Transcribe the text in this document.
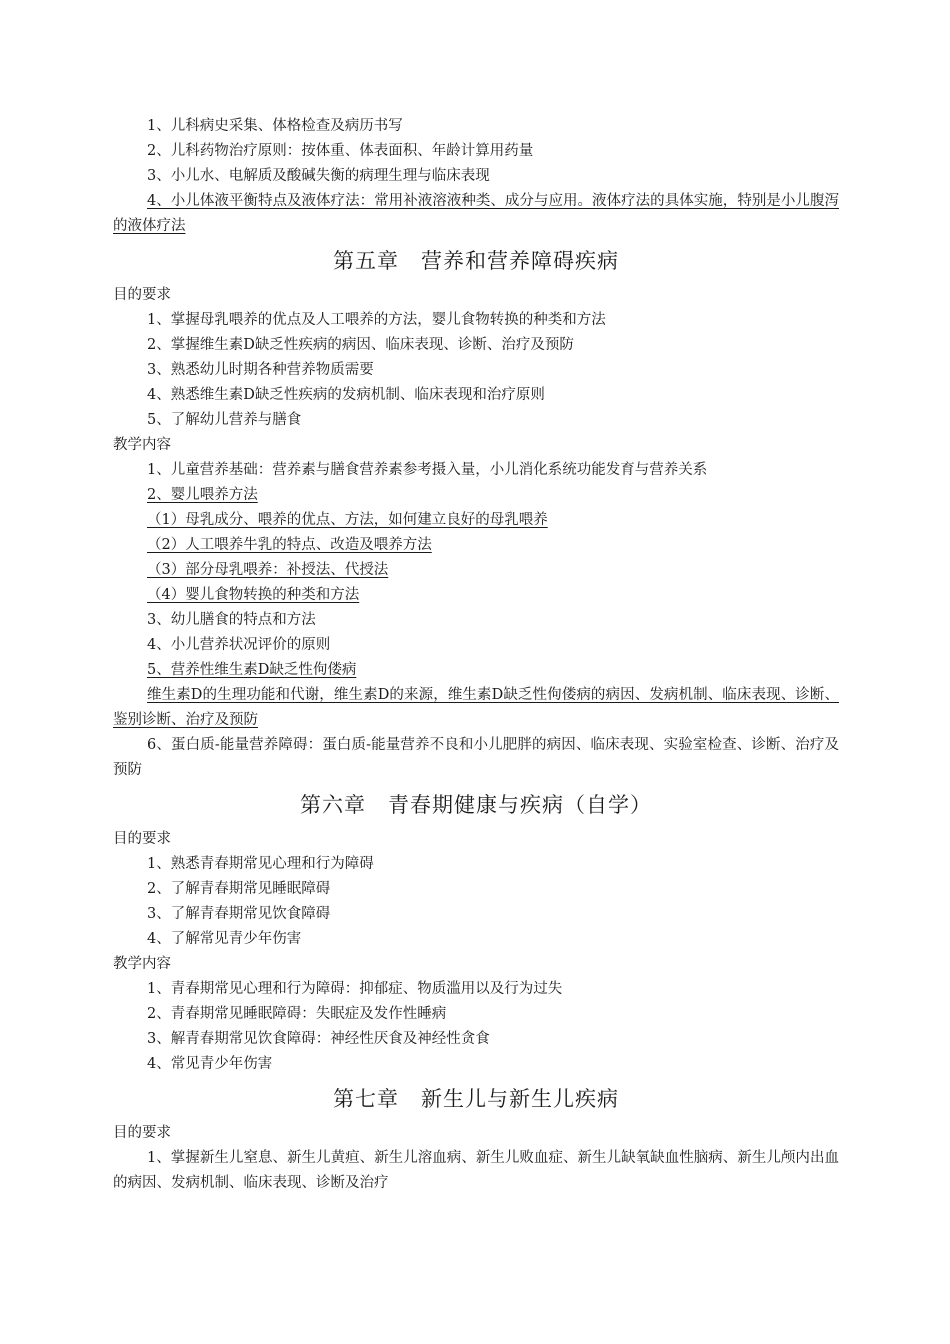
1、儿科病史采集、体格检查及病历书写
2、儿科药物治疗原则：按体重、体表面积、年龄计算用药量
3、小儿水、电解质及酸碱失衡的病理生理与临床表现
4、小儿体液平衡特点及液体疗法：常用补液溶液种类、成分与应用。液体疗法的具体实施，特别是小儿腹泻的液体疗法
第五章　营养和营养障碍疾病
目的要求
1、掌握母乳喂养的优点及人工喂养的方法，婴儿食物转换的种类和方法
2、掌握维生素D缺乏性疾病的病因、临床表现、诊断、治疗及预防
3、熟悉幼儿时期各种营养物质需要
4、熟悉维生素D缺乏性疾病的发病机制、临床表现和治疗原则
5、了解幼儿营养与膳食
教学内容
1、儿童营养基础：营养素与膳食营养素参考摄入量，小儿消化系统功能发育与营养关系
2、婴儿喂养方法
（1）母乳成分、喂养的优点、方法，如何建立良好的母乳喂养
（2）人工喂养牛乳的特点、改造及喂养方法
（3）部分母乳喂养：补授法、代授法
（4）婴儿食物转换的种类和方法
3、幼儿膳食的特点和方法
4、小儿营养状况评价的原则
5、营养性维生素D缺乏性佝偻病
维生素D的生理功能和代谢，维生素D的来源，维生素D缺乏性佝偻病的病因、发病机制、临床表现、诊断、鉴别诊断、治疗及预防
6、蛋白质-能量营养障碍：蛋白质-能量营养不良和小儿肥胖的病因、临床表现、实验室检查、诊断、治疗及预防
第六章　青春期健康与疾病（自学）
目的要求
1、熟悉青春期常见心理和行为障碍
2、了解青春期常见睡眠障碍
3、了解青春期常见饮食障碍
4、了解常见青少年伤害
教学内容
1、青春期常见心理和行为障碍：抑郁症、物质滥用以及行为过失
2、青春期常见睡眠障碍：失眠症及发作性睡病
3、解青春期常见饮食障碍：神经性厌食及神经性贪食
4、常见青少年伤害
第七章　新生儿与新生儿疾病
目的要求
1、掌握新生儿窒息、新生儿黄疸、新生儿溶血病、新生儿败血症、新生儿缺氧缺血性脑病、新生儿颅内出血的病因、发病机制、临床表现、诊断及治疗
